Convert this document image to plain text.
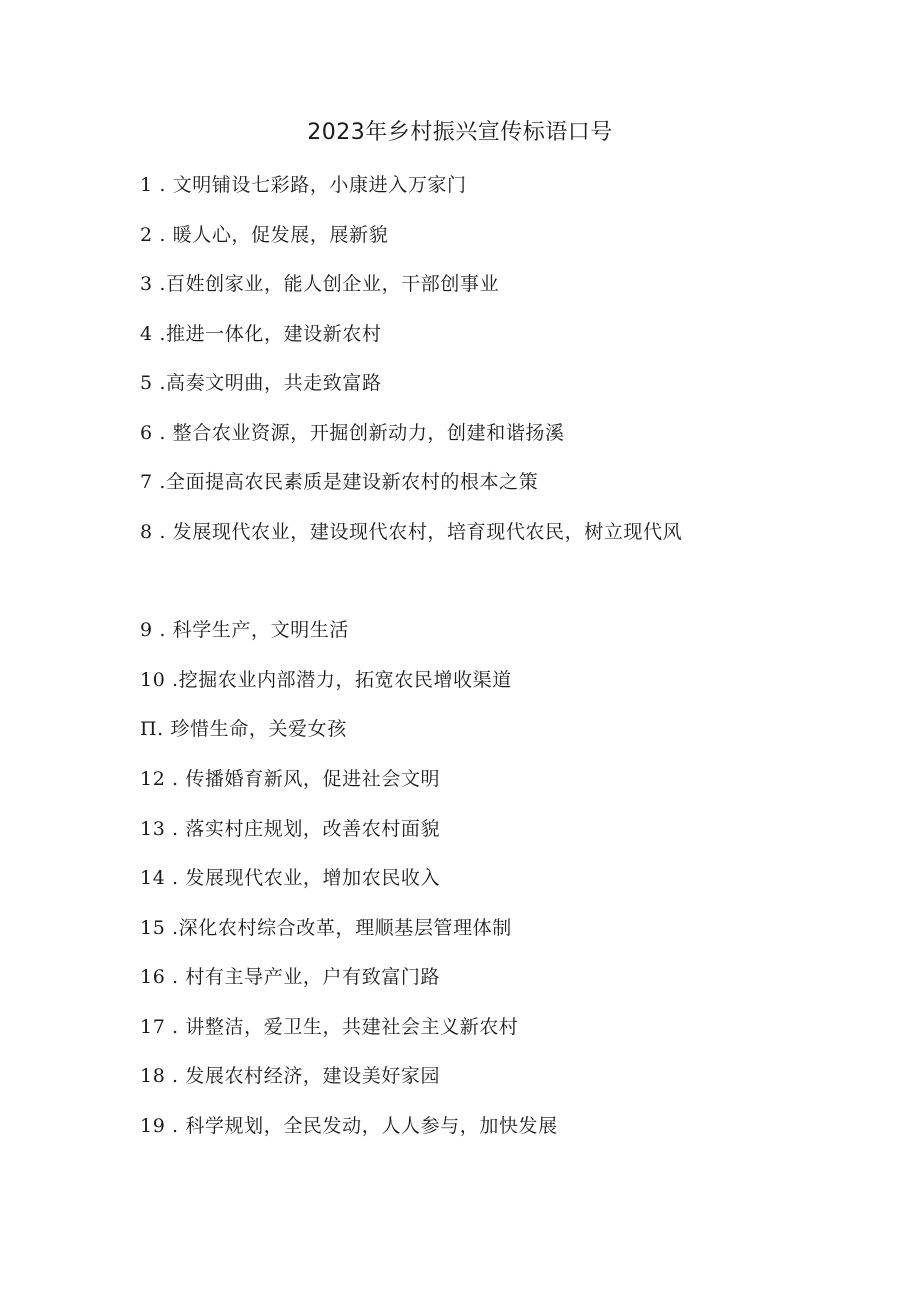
2023年乡村振兴宣传标语口号
1 . 文明铺设七彩路，小康进入万家门
2 . 暖人心，促发展，展新貌
3 .百姓创家业，能人创企业，干部创事业
4 .推进一体化，建设新农村
5 .高奏文明曲，共走致富路
6 . 整合农业资源，开掘创新动力，创建和谐扬溪
7 .全面提高农民素质是建设新农村的根本之策
8 . 发展现代农业，建设现代农村，培育现代农民，树立现代风
9 . 科学生产，文明生活
10 .挖掘农业内部潜力，拓宽农民增收渠道
Π. 珍惜生命，关爱女孩
12 . 传播婚育新风，促进社会文明
13 . 落实村庄规划，改善农村面貌
14 . 发展现代农业，增加农民收入
15 .深化农村综合改革，理顺基层管理体制
16 . 村有主导产业，户有致富门路
17 . 讲整洁，爱卫生，共建社会主义新农村
18 . 发展农村经济，建设美好家园
19 . 科学规划，全民发动，人人参与，加快发展
